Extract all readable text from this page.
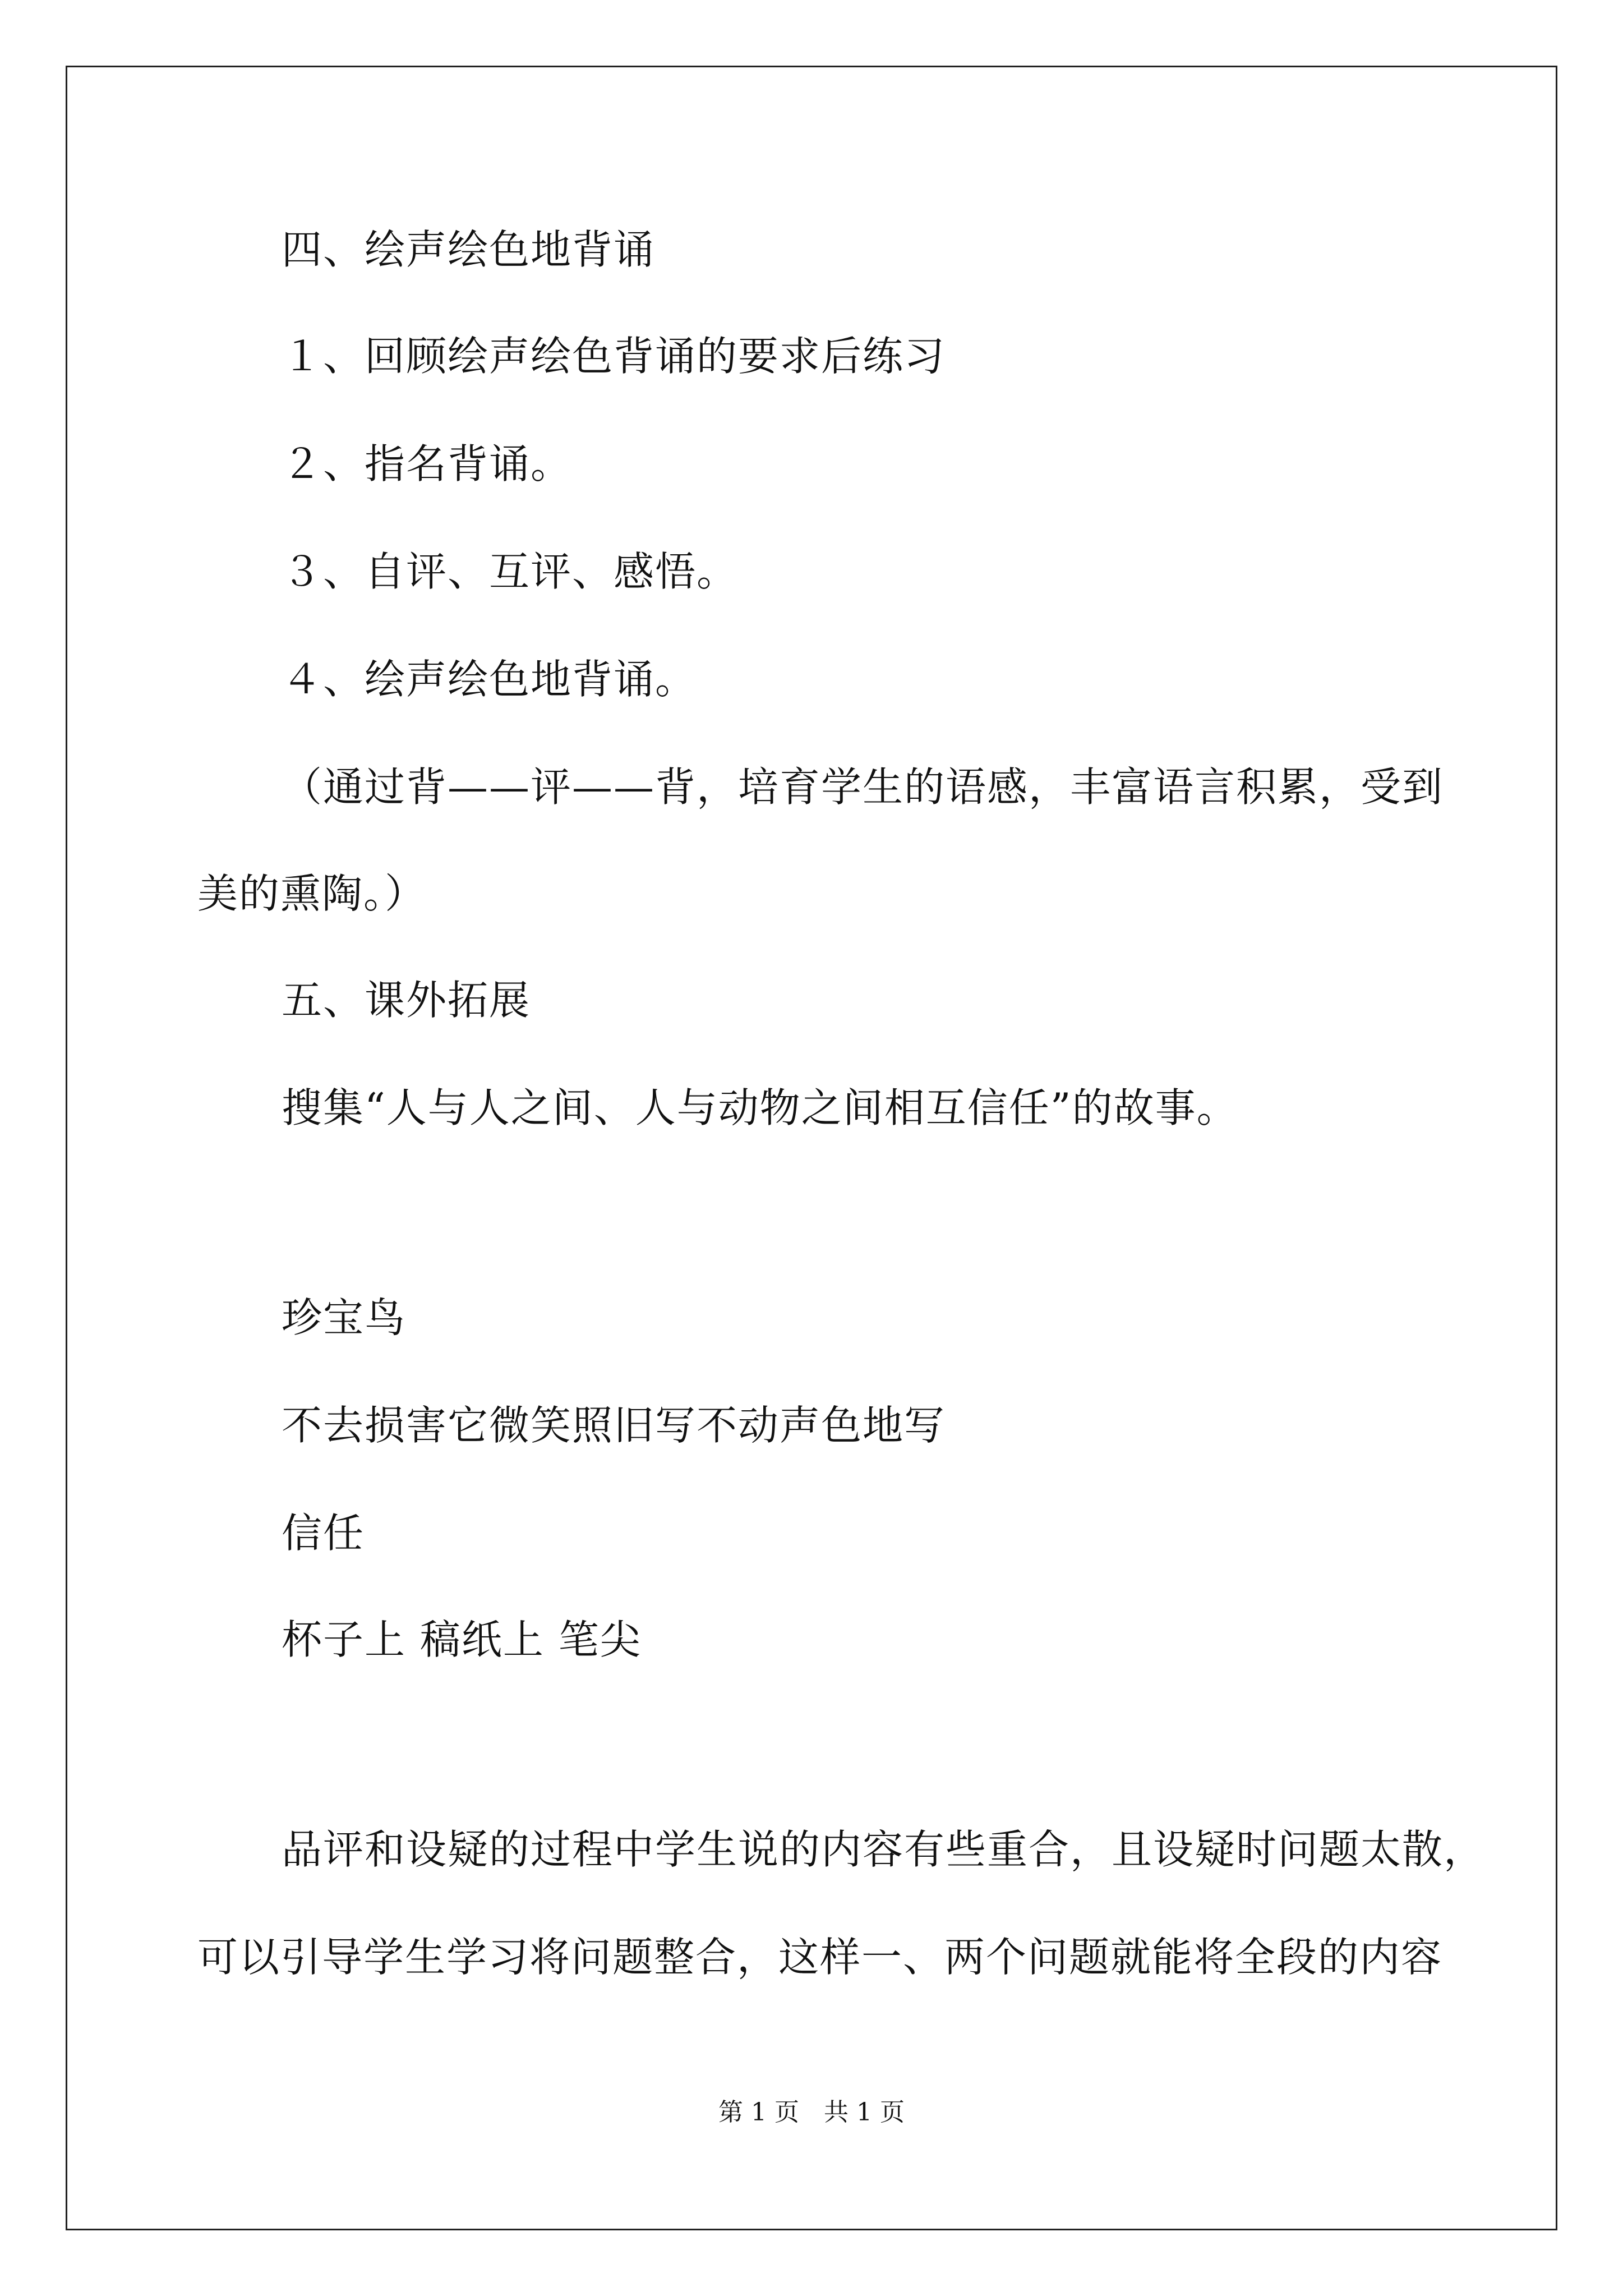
四、绘声绘色地背诵

１、回顾绘声绘色背诵的要求后练习

２、指名背诵。

３、自评、互评、感悟。

４、绘声绘色地背诵。

（通过背——评——背，培育学生的语感，丰富语言积累，受到

美的熏陶。）

五、课外拓展

搜集“人与人之间、人与动物之间相互信任”的故事。

珍宝鸟

不去损害它微笑照旧写不动声色地写

信任

杯子上 稿纸上 笔尖

品评和设疑的过程中学生说的内容有些重合，且设疑时问题太散，

可以引导学生学习将问题整合，这样一、两个问题就能将全段的内容

第 1 页　共 1 页
